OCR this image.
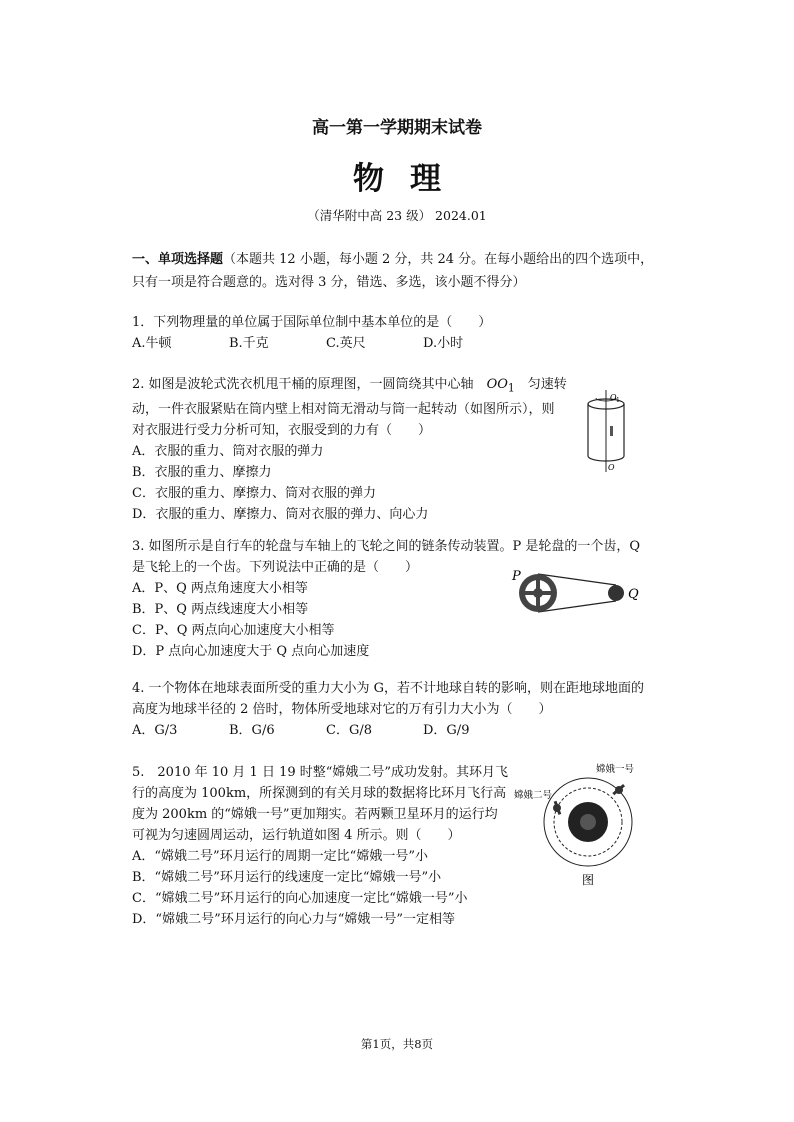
高一第一学期期末试卷
物理
（清华附中高 23 级） 2024.01
一、单项选择题（本题共 12 小题，每小题 2 分，共 24 分。在每小题给出的四个选项中，只有一项是符合题意的。选对得 3 分，错选、多选，该小题不得分）
1．下列物理量的单位属于国际单位制中基本单位的是（　　）
A.牛顿	B.千克	C.英尺	D.小时
2. 如图是波轮式洗衣机甩干桶的原理图，一圆筒绕其中心轴　 $OO_1$　 匀速转
动，一件衣服紧贴在筒内壁上相对筒无滑动与筒一起转动（如图所示），则
对衣服进行受力分析可知，衣服受到的力有（　　）
A．衣服的重力、筒对衣服的弹力
B．衣服的重力、摩擦力
C．衣服的重力、摩擦力、筒对衣服的弹力
D．衣服的重力、摩擦力、筒对衣服的弹力、向心力
O 1
O
3. 如图所示是自行车的轮盘与车轴上的飞轮之间的链条传动装置。P 是轮盘的一个齿，Q
是飞轮上的一个齿。下列说法中正确的是（　　）
A．P、Q 两点角速度大小相等
B．P、Q 两点线速度大小相等
C．P、Q 两点向心加速度大小相等
D．P 点向心加速度大于 Q 点向心加速度
P
Q
4. 一个物体在地球表面所受的重力大小为 G，若不计地球自转的影响，则在距地球地面的
高度为地球半径的 2 倍时，物体所受地球对它的万有引力大小为（　　）
A．G/3	B．G/6	C．G/8	D．G/9
5.　2010 年 10 月 1 日 19 时整“嫦娥二号”成功发射。其环月飞
行的高度为 100km，所探测到的有关月球的数据将比环月飞行高
度为 200km 的“嫦娥一号”更加翔实。若两颗卫星环月的运行均
可视为匀速圆周运动，运行轨道如图 4 所示。则（　　）
A．“嫦娥二号”环月运行的周期一定比“嫦娥一号”小
B．“嫦娥二号”环月运行的线速度一定比“嫦娥一号”小
C．“嫦娥二号”环月运行的向心加速度一定比“嫦娥一号”小
D．“嫦娥二号”环月运行的向心力与“嫦娥一号”一定相等
嫦娥一号
嫦娥二号
图
第1页，共8页
